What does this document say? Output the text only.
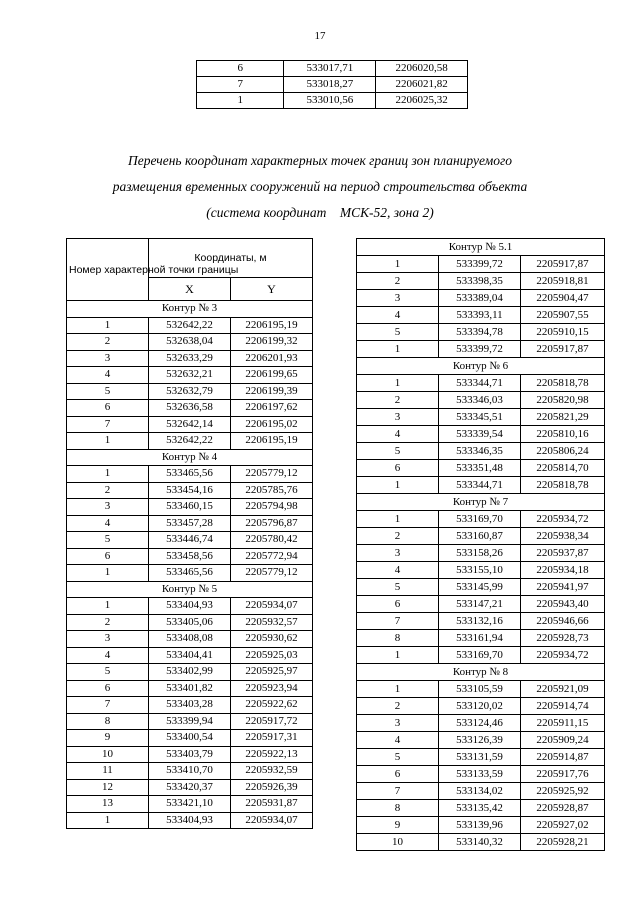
17
6	533017,71	2206020,58
7	533018,27	2206021,82
1	533010,56	2206025,32
Перечень координат характерных точек границ зон планируемого
размещения временных сооружений на период строительства объекта
(система координат    МСК-52, зона 2)
Номер характерной точки границы	Координаты, м	
	X	Y
Контур № 3		
1	532642,22	2206195,19
2	532638,04	2206199,32
3	532633,29	2206201,93
4	532632,21	2206199,65
5	532632,79	2206199,39
6	532636,58	2206197,62
7	532642,14	2206195,02
1	532642,22	2206195,19
Контур № 4		
1	533465,56	2205779,12
2	533454,16	2205785,76
3	533460,15	2205794,98
4	533457,28	2205796,87
5	533446,74	2205780,42
6	533458,56	2205772,94
1	533465,56	2205779,12
Контур № 5		
1	533404,93	2205934,07
2	533405,06	2205932,57
3	533408,08	2205930,62
4	533404,41	2205925,03
5	533402,99	2205925,97
6	533401,82	2205923,94
7	533403,28	2205922,62
8	533399,94	2205917,72
9	533400,54	2205917,31
10	533403,79	2205922,13
11	533410,70	2205932,59
12	533420,37	2205926,39
13	533421,10	2205931,87
1	533404,93	2205934,07
Контур № 5.1		
1	533399,72	2205917,87
2	533398,35	2205918,81
3	533389,04	2205904,47
4	533393,11	2205907,55
5	533394,78	2205910,15
1	533399,72	2205917,87
Контур № 6		
1	533344,71	2205818,78
2	533346,03	2205820,98
3	533345,51	2205821,29
4	533339,54	2205810,16
5	533346,35	2205806,24
6	533351,48	2205814,70
1	533344,71	2205818,78
Контур № 7		
1	533169,70	2205934,72
2	533160,87	2205938,34
3	533158,26	2205937,87
4	533155,10	2205934,18
5	533145,99	2205941,97
6	533147,21	2205943,40
7	533132,16	2205946,66
8	533161,94	2205928,73
1	533169,70	2205934,72
Контур № 8		
1	533105,59	2205921,09
2	533120,02	2205914,74
3	533124,46	2205911,15
4	533126,39	2205909,24
5	533131,59	2205914,87
6	533133,59	2205917,76
7	533134,02	2205925,92
8	533135,42	2205928,87
9	533139,96	2205927,02
10	533140,32	2205928,21
